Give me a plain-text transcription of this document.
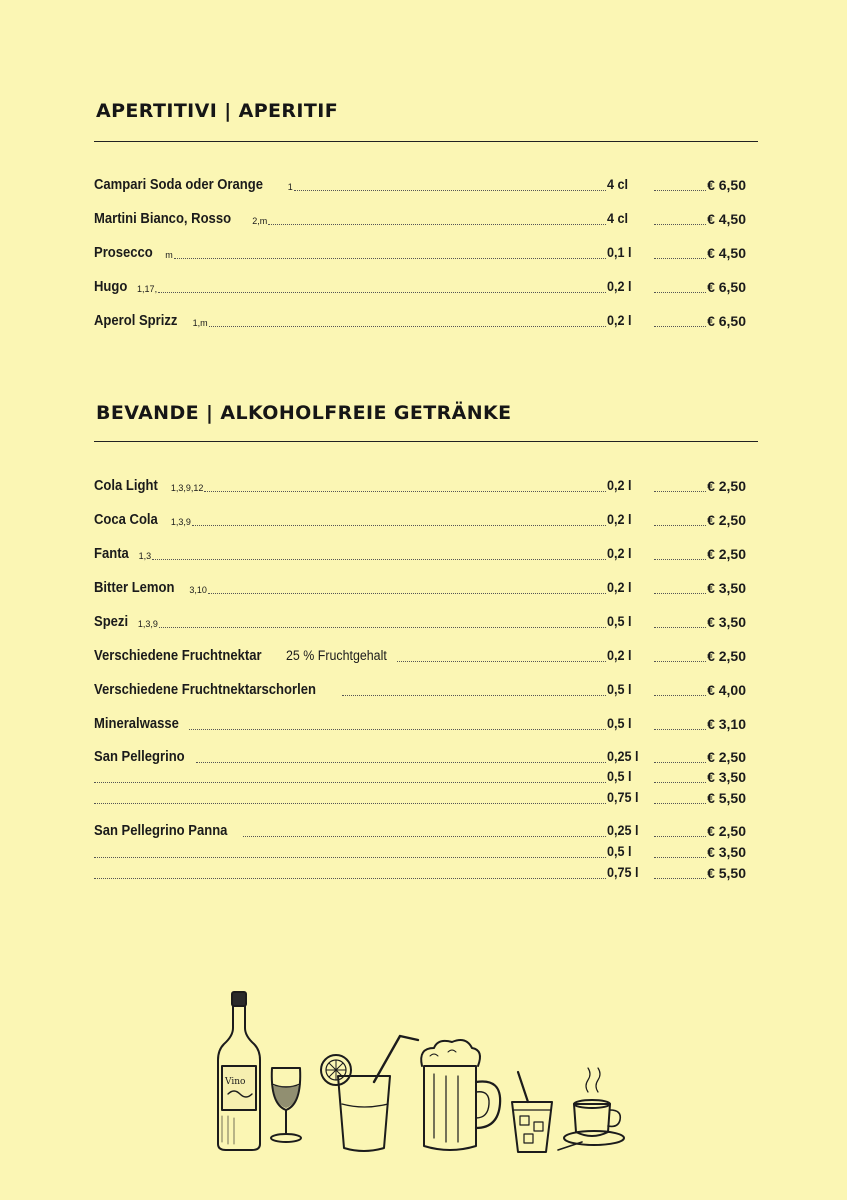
APERTITIVI | APERITIF
Campari Soda oder Orange	1	4 cl	€ 6,50
Martini Bianco, Rosso 2,m	4 cl	€ 4,50
Prosecco m	0,1 l	€ 4,50
Hugo 1,17,	0,2 l	€ 6,50
Aperol Sprizz 1,m	0,2 l	€ 6,50
BEVANDE | ALKOHOLFREIE GETRÄNKE
Cola Light 1,3,9,12	0,2 l	€ 2,50
Coca Cola 1,3,9	0,2 l	€ 2,50
Fanta 1,3	0,2 l	€ 2,50
Bitter Lemon 3,10	0,2 l	€ 3,50
Spezi 1,3,9	0,5 l	€ 3,50
Verschiedene Fruchtnektar 25 % Fruchtgehalt	0,2 l	€ 2,50
Verschiedene Fruchtnektarschorlen	0,5 l	€ 4,00
Mineralwasse	0,5 l	€ 3,10
San Pellegrino	0,25 l	€ 2,50
0,5 l	€ 3,50
0,75 l	€ 5,50
San Pellegrino Panna	0,25 l	€ 2,50
0,5 l	€ 3,50
0,75 l	€ 5,50
Vino
